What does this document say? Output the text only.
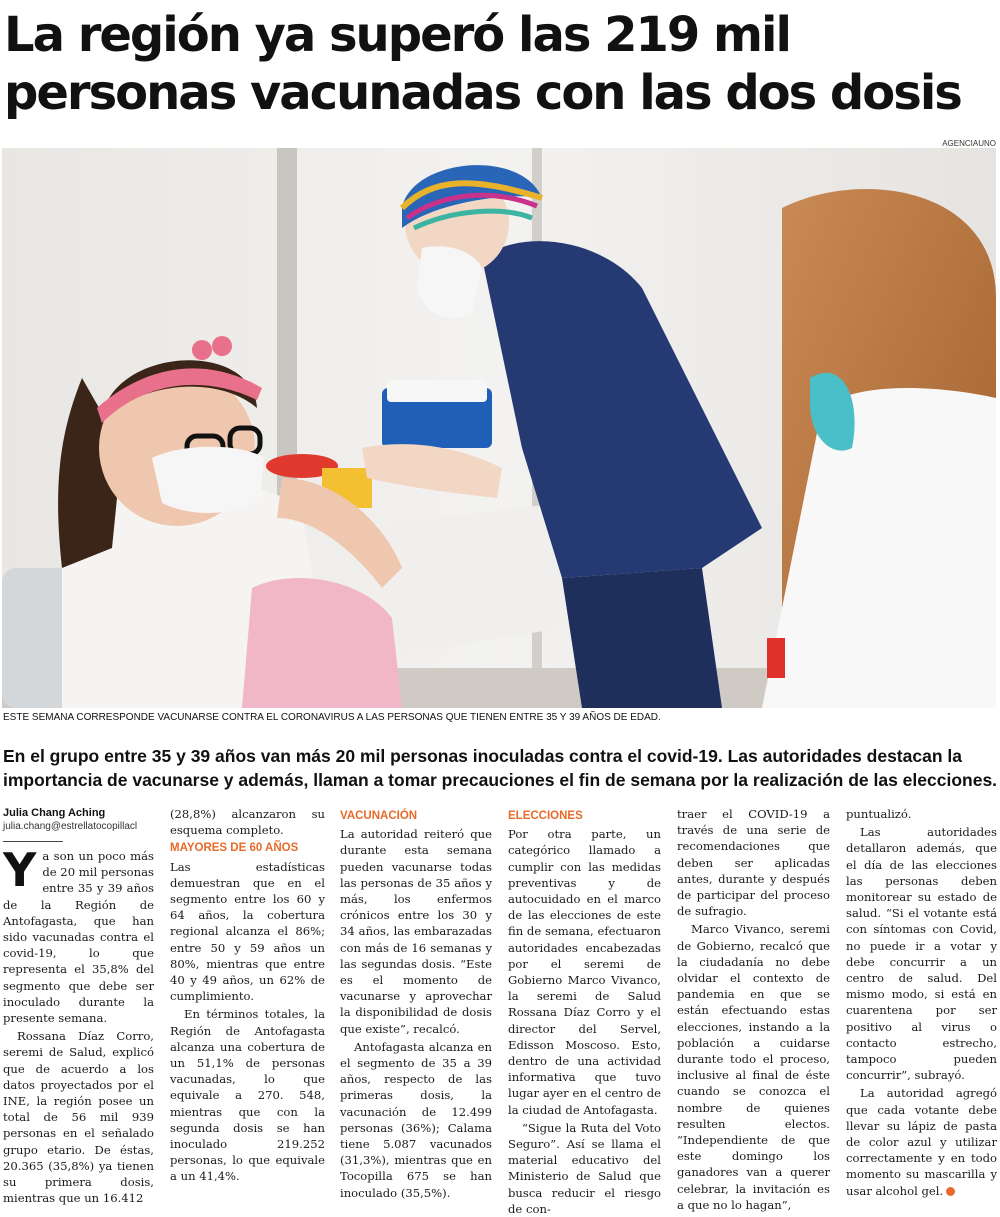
La región ya superó las 219 mil
personas vacunadas con las dos dosis
AGENCIAUNO
ESTE SEMANA CORRESPONDE VACUNARSE CONTRA EL CORONAVIRUS A LAS PERSONAS QUE TIENEN ENTRE 35 Y 39 AÑOS DE EDAD.
En el grupo entre 35 y 39 años van más 20 mil personas inoculadas contra el covid-19. Las autoridades destacan la
importancia de vacunarse y además, llaman a tomar precauciones el fin de semana por la realización de las elecciones.
Julia Chang Aching
julia.chang@estrellatocopillacl

Ya son un poco más de 20 mil personas entre 35 y 39 años de la Región de Antofagasta, que han sido vacunadas contra el covid-19, lo que representa el 35,8% del segmento que debe ser inoculado durante la presente semana.

Rossana Díaz Corro, seremi de Salud, explicó que de acuerdo a los datos proyectados por el INE, la región posee un total de 56 mil 939 personas en el señalado grupo etario. De éstas, 20.365 (35,8%) ya tienen su primera dosis, mientras que un 16.412

(28,8%) alcanzaron su esquema completo.

MAYORES DE 60 AÑOS

Las estadísticas demuestran que en el segmento entre los 60 y 64 años, la cobertura regional alcanza el 86%; entre 50 y 59 años un 80%, mientras que entre 40 y 49 años, un 62% de cumplimiento.

En términos totales, la Región de Antofagasta alcanza una cobertura de un 51,1% de personas vacunadas, lo que equivale a 270. 548, mientras que con la segunda dosis se han inoculado 219.252 personas, lo que equivale a un 41,4%.

VACUNACIÓN

La autoridad reiteró que durante esta semana pueden vacunarse todas las personas de 35 años y más, los enfermos crónicos entre los 30 y 34 años, las embarazadas con más de 16 semanas y las segundas dosis. “Este es el momento de vacunarse y aprovechar la disponibilidad de dosis que existe”, recalcó.

Antofagasta alcanza en el segmento de 35 a 39 años, respecto de las primeras dosis, la vacunación de 12.499 personas (36%); Calama tiene 5.087 vacunados (31,3%), mientras que en Tocopilla 675 se han inoculado (35,5%).

ELECCIONES

Por otra parte, un categórico llamado a cumplir con las medidas preventivas y de autocuidado en el marco de las elecciones de este fin de semana, efectuaron autoridades encabezadas por el seremi de Gobierno Marco Vivanco, la seremi de Salud Rossana Díaz Corro y el director del Servel, Edisson Moscoso. Esto, dentro de una actividad informativa que tuvo lugar ayer en el centro de la ciudad de Antofagasta.

“Sigue la Ruta del Voto Seguro”. Así se llama el material educativo del Ministerio de Salud que busca reducir el riesgo de con-

traer el COVID-19 a través de una serie de recomendaciones que deben ser aplicadas antes, durante y después de participar del proceso de sufragio.

Marco Vivanco, seremi de Gobierno, recalcó que la ciudadanía no debe olvidar el contexto de pandemia en que se están efectuando estas elecciones, instando a la población a cuidarse durante todo el proceso, inclusive al final de éste cuando se conozca el nombre de quienes resulten electos. “Independiente de que este domingo los ganadores van a querer celebrar, la invitación es a que no lo hagan”,

puntualizó.

Las autoridades detallaron además, que el día de las elecciones las personas deben monitorear su estado de salud. “Si el votante está con síntomas con Covid, no puede ir a votar y debe concurrir a un centro de salud. Del mismo modo, si está en cuarentena por ser positivo al virus o contacto estrecho, tampoco pueden concurrir”, subrayó.

La autoridad agregó que cada votante debe llevar su lápiz de pasta de color azul y utilizar correctamente y en todo momento su mascarilla y usar alcohol gel.
